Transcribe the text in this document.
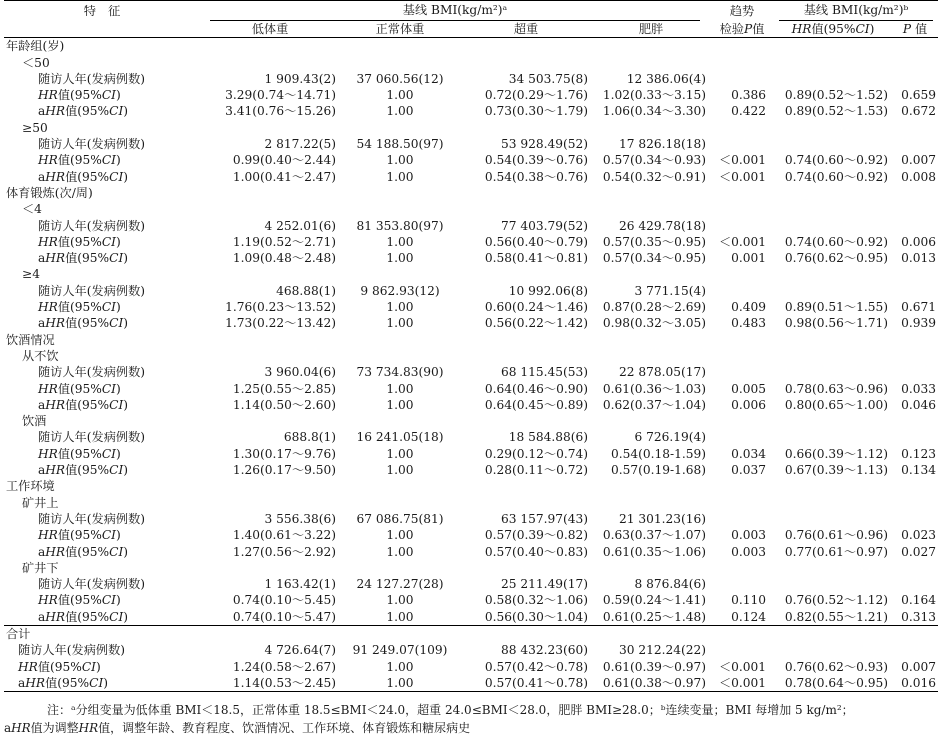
特　征	基线 BMI(kg/m²)ᵃ				趋势	基线 BMI(kg/m²)ᵇ	

	低体重	正常体重	超重	肥胖	检验P值	HR值(95%CI)	P 值
年龄组(岁)							
＜50							
随访人年(发病例数)	1 909.43(2)	37 060.56(12)	34 503.75(8)	12 386.06(4)			
HR值(95%CI)	3.29(0.74～14.71)	1.00	0.72(0.29～1.76)	1.02(0.33～3.15)	0.386	0.89(0.52～1.52)	0.659
aHR值(95%CI)	3.41(0.76～15.26)	1.00	0.73(0.30～1.79)	1.06(0.34～3.30)	0.422	0.89(0.52～1.53)	0.672
≥50							
随访人年(发病例数)	2 817.22(5)	54 188.50(97)	53 928.49(52)	17 826.18(18)			
HR值(95%CI)	0.99(0.40～2.44)	1.00	0.54(0.39～0.76)	0.57(0.34～0.93)	＜0.001	0.74(0.60～0.92)	0.007
aHR值(95%CI)	1.00(0.41～2.47)	1.00	0.54(0.38～0.76)	0.54(0.32～0.91)	＜0.001	0.74(0.60～0.92)	0.008
体育锻炼(次/周)							
＜4							
随访人年(发病例数)	4 252.01(6)	81 353.80(97)	77 403.79(52)	26 429.78(18)			
HR值(95%CI)	1.19(0.52～2.71)	1.00	0.56(0.40～0.79)	0.57(0.35～0.95)	＜0.001	0.74(0.60～0.92)	0.006
aHR值(95%CI)	1.09(0.48～2.48)	1.00	0.58(0.41～0.81)	0.57(0.34～0.95)	0.001	0.76(0.62～0.95)	0.013
≥4							
随访人年(发病例数)	468.88(1)	9 862.93(12)	10 992.06(8)	3 771.15(4)			
HR值(95%CI)	1.76(0.23～13.52)	1.00	0.60(0.24～1.46)	0.87(0.28～2.69)	0.409	0.89(0.51～1.55)	0.671
aHR值(95%CI)	1.73(0.22～13.42)	1.00	0.56(0.22～1.42)	0.98(0.32～3.05)	0.483	0.98(0.56～1.71)	0.939
饮酒情况							
从不饮							
随访人年(发病例数)	3 960.04(6)	73 734.83(90)	68 115.45(53)	22 878.05(17)			
HR值(95%CI)	1.25(0.55～2.85)	1.00	0.64(0.46～0.90)	0.61(0.36～1.03)	0.005	0.78(0.63～0.96)	0.033
aHR值(95%CI)	1.14(0.50～2.60)	1.00	0.64(0.45～0.89)	0.62(0.37～1.04)	0.006	0.80(0.65～1.00)	0.046
饮酒							
随访人年(发病例数)	688.8(1)	16 241.05(18)	18 584.88(6)	6 726.19(4)			
HR值(95%CI)	1.30(0.17～9.76)	1.00	0.29(0.12～0.74)	0.54(0.18-1.59)	0.034	0.66(0.39～1.12)	0.123
aHR值(95%CI)	1.26(0.17～9.50)	1.00	0.28(0.11～0.72)	0.57(0.19-1.68)	0.037	0.67(0.39～1.13)	0.134
工作环境							
矿井上							
随访人年(发病例数)	3 556.38(6)	67 086.75(81)	63 157.97(43)	21 301.23(16)			
HR值(95%CI)	1.40(0.61～3.22)	1.00	0.57(0.39～0.82)	0.63(0.37～1.07)	0.003	0.76(0.61～0.96)	0.023
aHR值(95%CI)	1.27(0.56～2.92)	1.00	0.57(0.40～0.83)	0.61(0.35～1.06)	0.003	0.77(0.61～0.97)	0.027
矿井下							
随访人年(发病例数)	1 163.42(1)	24 127.27(28)	25 211.49(17)	8 876.84(6)			
HR值(95%CI)	0.74(0.10～5.45)	1.00	0.58(0.32～1.06)	0.59(0.24～1.41)	0.110	0.76(0.52～1.12)	0.164
aHR值(95%CI)	0.74(0.10～5.47)	1.00	0.56(0.30～1.04)	0.61(0.25～1.48)	0.124	0.82(0.55～1.21)	0.313
合计							
随访人年(发病例数)	4 726.64(7)	91 249.07(109)	88 432.23(60)	30 212.24(22)			
HR值(95%CI)	1.24(0.58～2.67)	1.00	0.57(0.42～0.78)	0.61(0.39～0.97)	＜0.001	0.76(0.62～0.93)	0.007
aHR值(95%CI)	1.14(0.53～2.45)	1.00	0.57(0.41～0.78)	0.61(0.38～0.97)	＜0.001	0.78(0.64～0.95)	0.016
注：ᵃ分组变量为低体重 BMI＜18.5，正常体重 18.5≤BMI＜24.0，超重 24.0≤BMI＜28.0，肥胖 BMI≥28.0；ᵇ连续变量；BMI 每增加 5 kg/m²；
aHR值为调整HR值，调整年龄、教育程度、饮酒情况、工作环境、体育锻炼和糖尿病史
